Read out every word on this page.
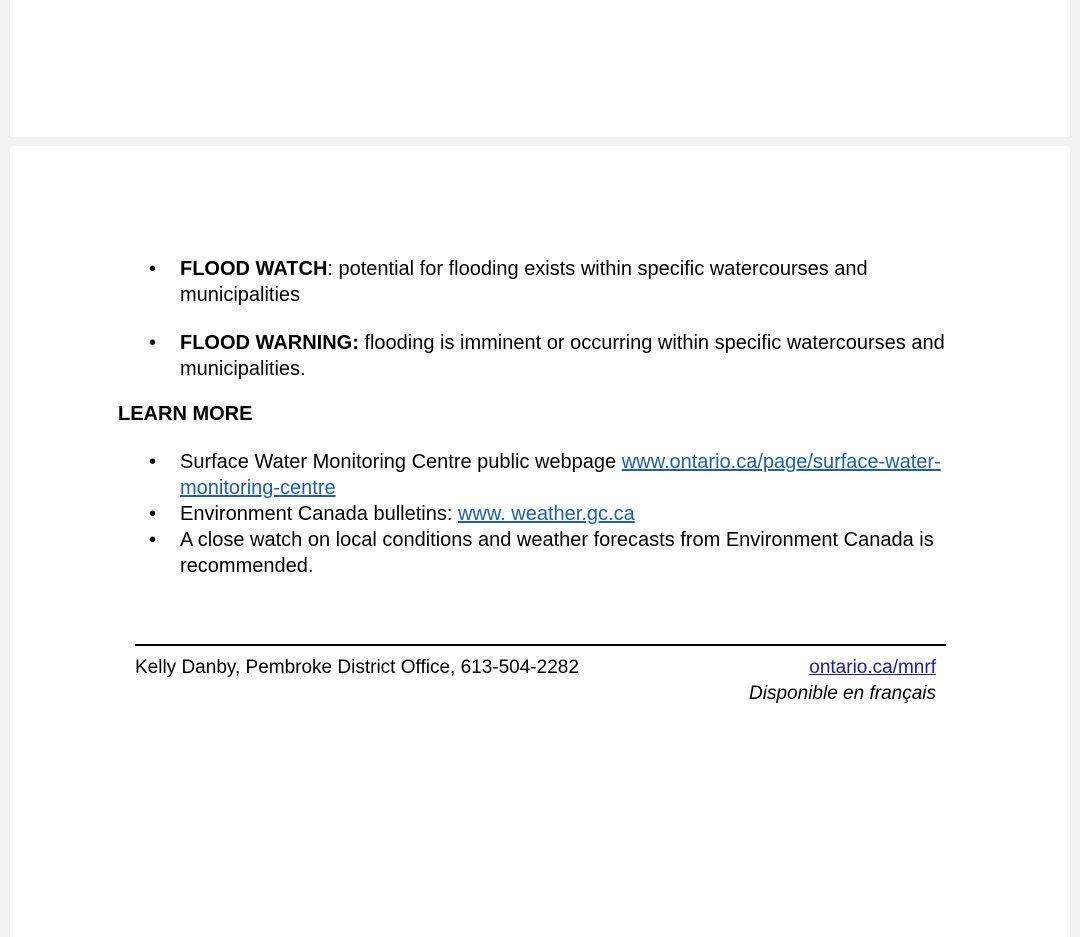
• FLOOD WATCH: potential for flooding exists within specific watercourses and municipalities
• FLOOD WARNING: flooding is imminent or occurring within specific watercourses and municipalities.
LEARN MORE
• Surface Water Monitoring Centre public webpage www.ontario.ca/page/surface-water-monitoring-centre
• Environment Canada bulletins: www. weather.gc.ca
• A close watch on local conditions and weather forecasts from Environment Canada is recommended.
Kelly Danby, Pembroke District Office, 613-504-2282	ontario.ca/mnrf
Disponible en français
